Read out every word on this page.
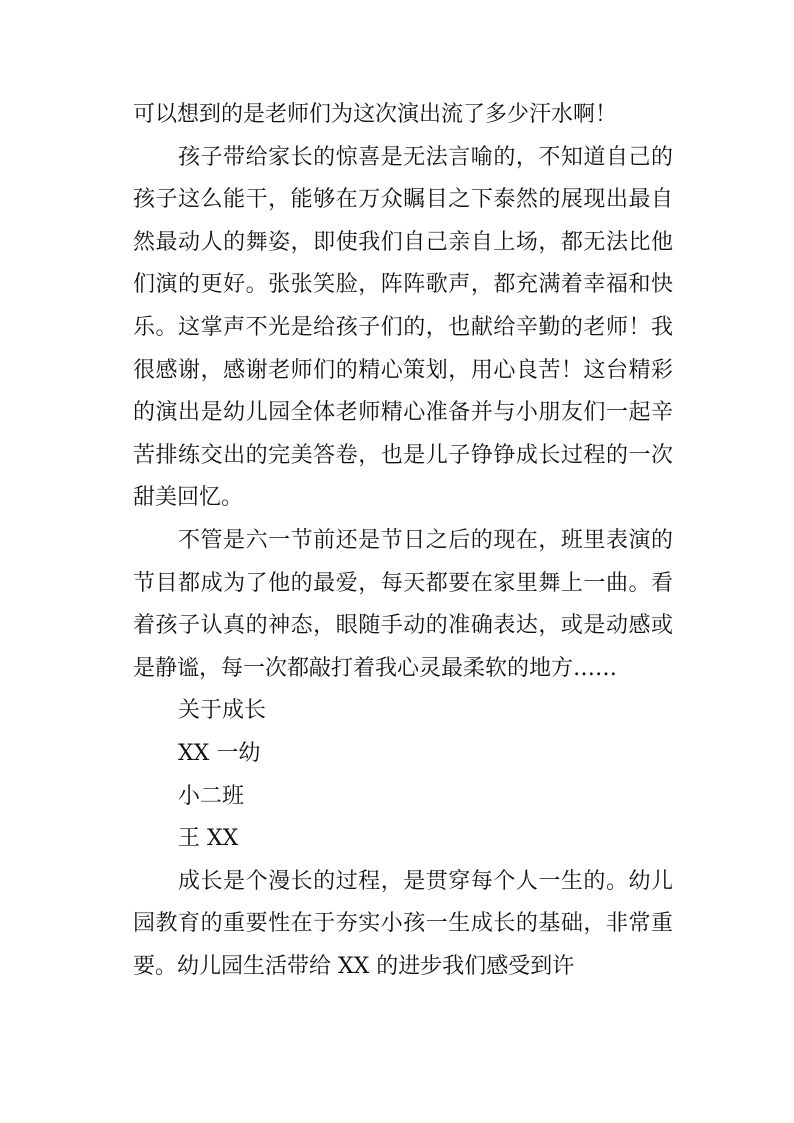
可以想到的是老师们为这次演出流了多少汗水啊！

孩子带给家长的惊喜是无法言喻的，不知道自己的孩子这么能干，能够在万众瞩目之下泰然的展现出最自然最动人的舞姿，即使我们自己亲自上场，都无法比他们演的更好。张张笑脸，阵阵歌声，都充满着幸福和快乐。这掌声不光是给孩子们的，也献给辛勤的老师！我很感谢，感谢老师们的精心策划，用心良苦！这台精彩的演出是幼儿园全体老师精心准备并与小朋友们一起辛苦排练交出的完美答卷，也是儿子铮铮成长过程的一次甜美回忆。

不管是六一节前还是节日之后的现在，班里表演的节目都成为了他的最爱，每天都要在家里舞上一曲。看着孩子认真的神态，眼随手动的准确表达，或是动感或是静谧，每一次都敲打着我心灵最柔软的地方……

关于成长

XX 一幼

小二班

王 XX

成长是个漫长的过程，是贯穿每个人一生的。幼儿园教育的重要性在于夯实小孩一生成长的基础，非常重要。幼儿园生活带给 XX 的进步我们感受到许
